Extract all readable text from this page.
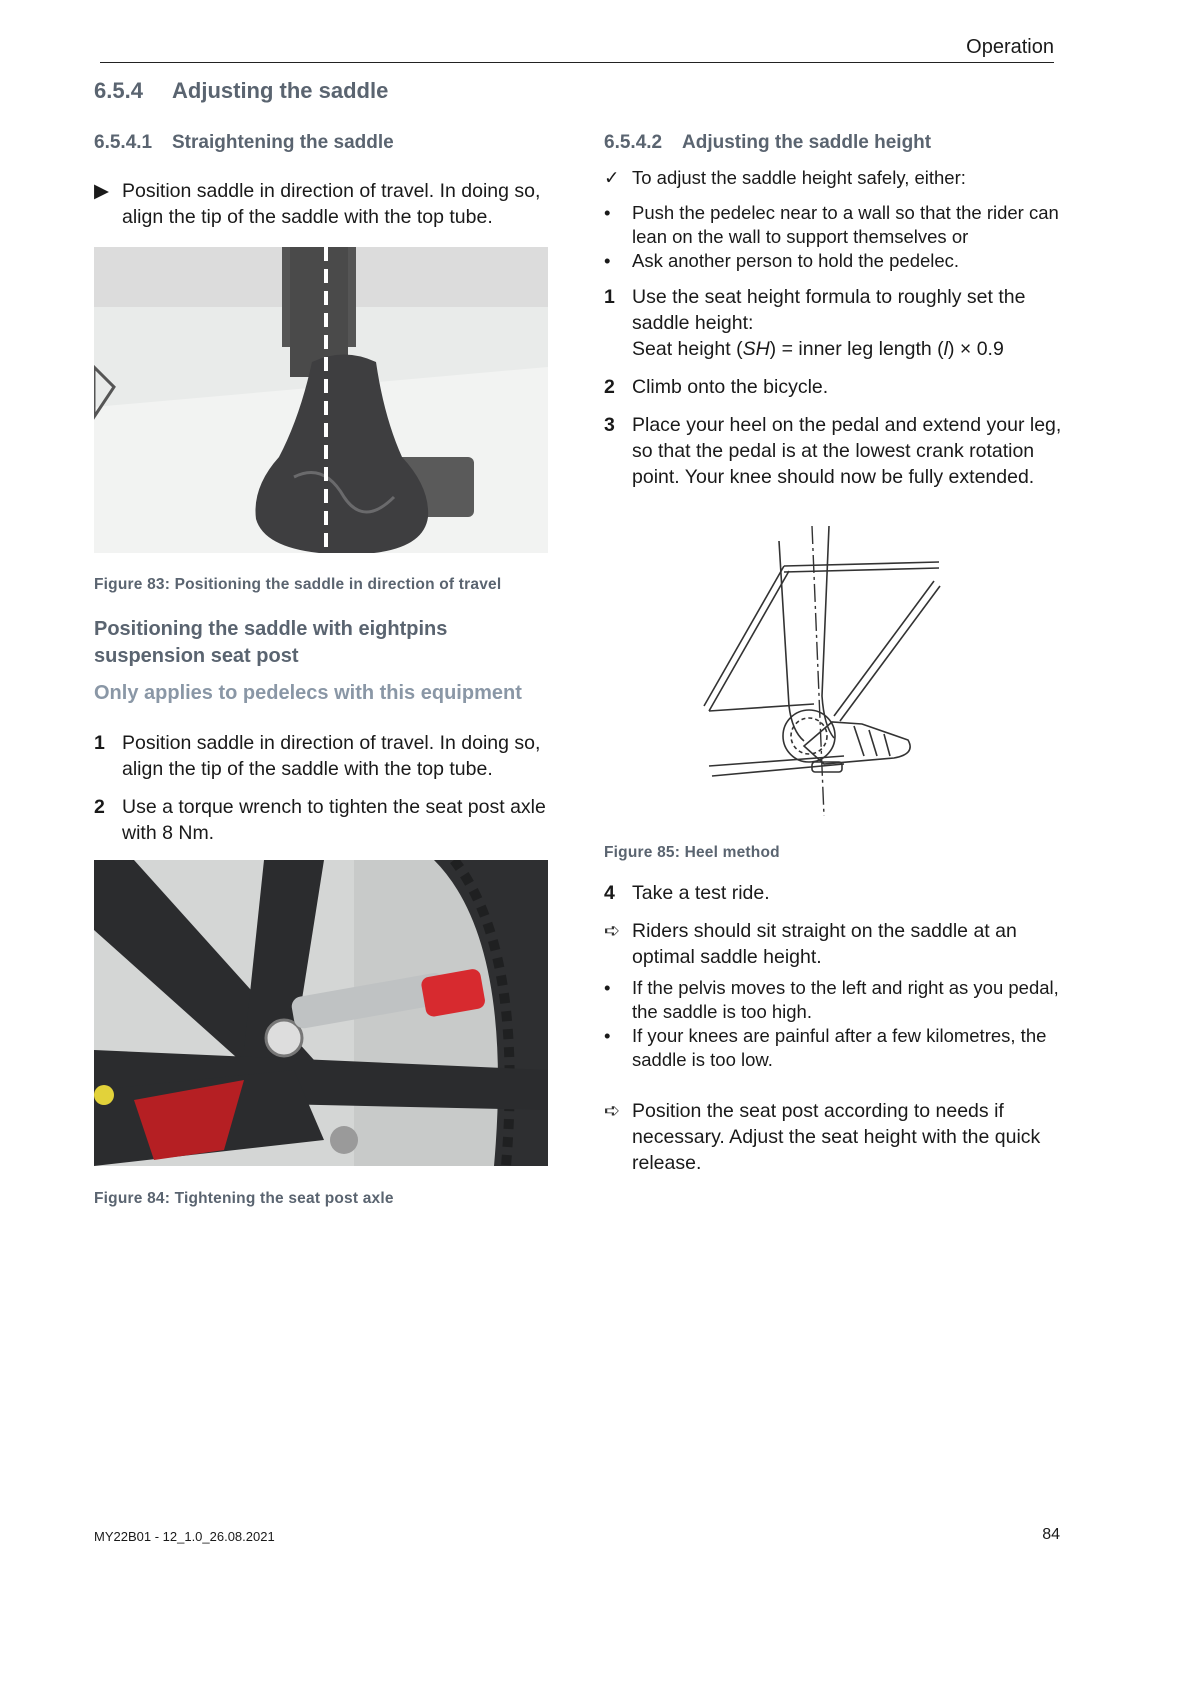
Operation
6.5.4 Adjusting the saddle
6.5.4.1 Straightening the saddle
▶ Position saddle in direction of travel. In doing so, align the tip of the saddle with the top tube.
Figure 83: Positioning the saddle in direction of travel
Positioning the saddle with eightpins suspension seat post
Only applies to pedelecs with this equipment
1 Position saddle in direction of travel. In doing so, align the tip of the saddle with the top tube.
2 Use a torque wrench to tighten the seat post axle with 8 Nm.
Figure 84: Tightening the seat post axle
6.5.4.2 Adjusting the saddle height
✓ To adjust the saddle height safely, either:
•	Push the pedelec near to a wall so that the rider can lean on the wall to support themselves or
•	Ask another person to hold the pedelec.
1 Use the seat height formula to roughly set the saddle height:
Seat height (SH) = inner leg length (l) × 0.9
2 Climb onto the bicycle.
3 Place your heel on the pedal and extend your leg, so that the pedal is at the lowest crank rotation point. Your knee should now be fully extended.
Figure 85: Heel method
4 Take a test ride.
➪ Riders should sit straight on the saddle at an optimal saddle height.
•	If the pelvis moves to the left and right as you pedal, the saddle is too high.
•	If your knees are painful after a few kilometres, the saddle is too low.
➪ Position the seat post according to needs if necessary. Adjust the seat height with the quick release.
MY22B01 - 12_1.0_26.08.2021	84
